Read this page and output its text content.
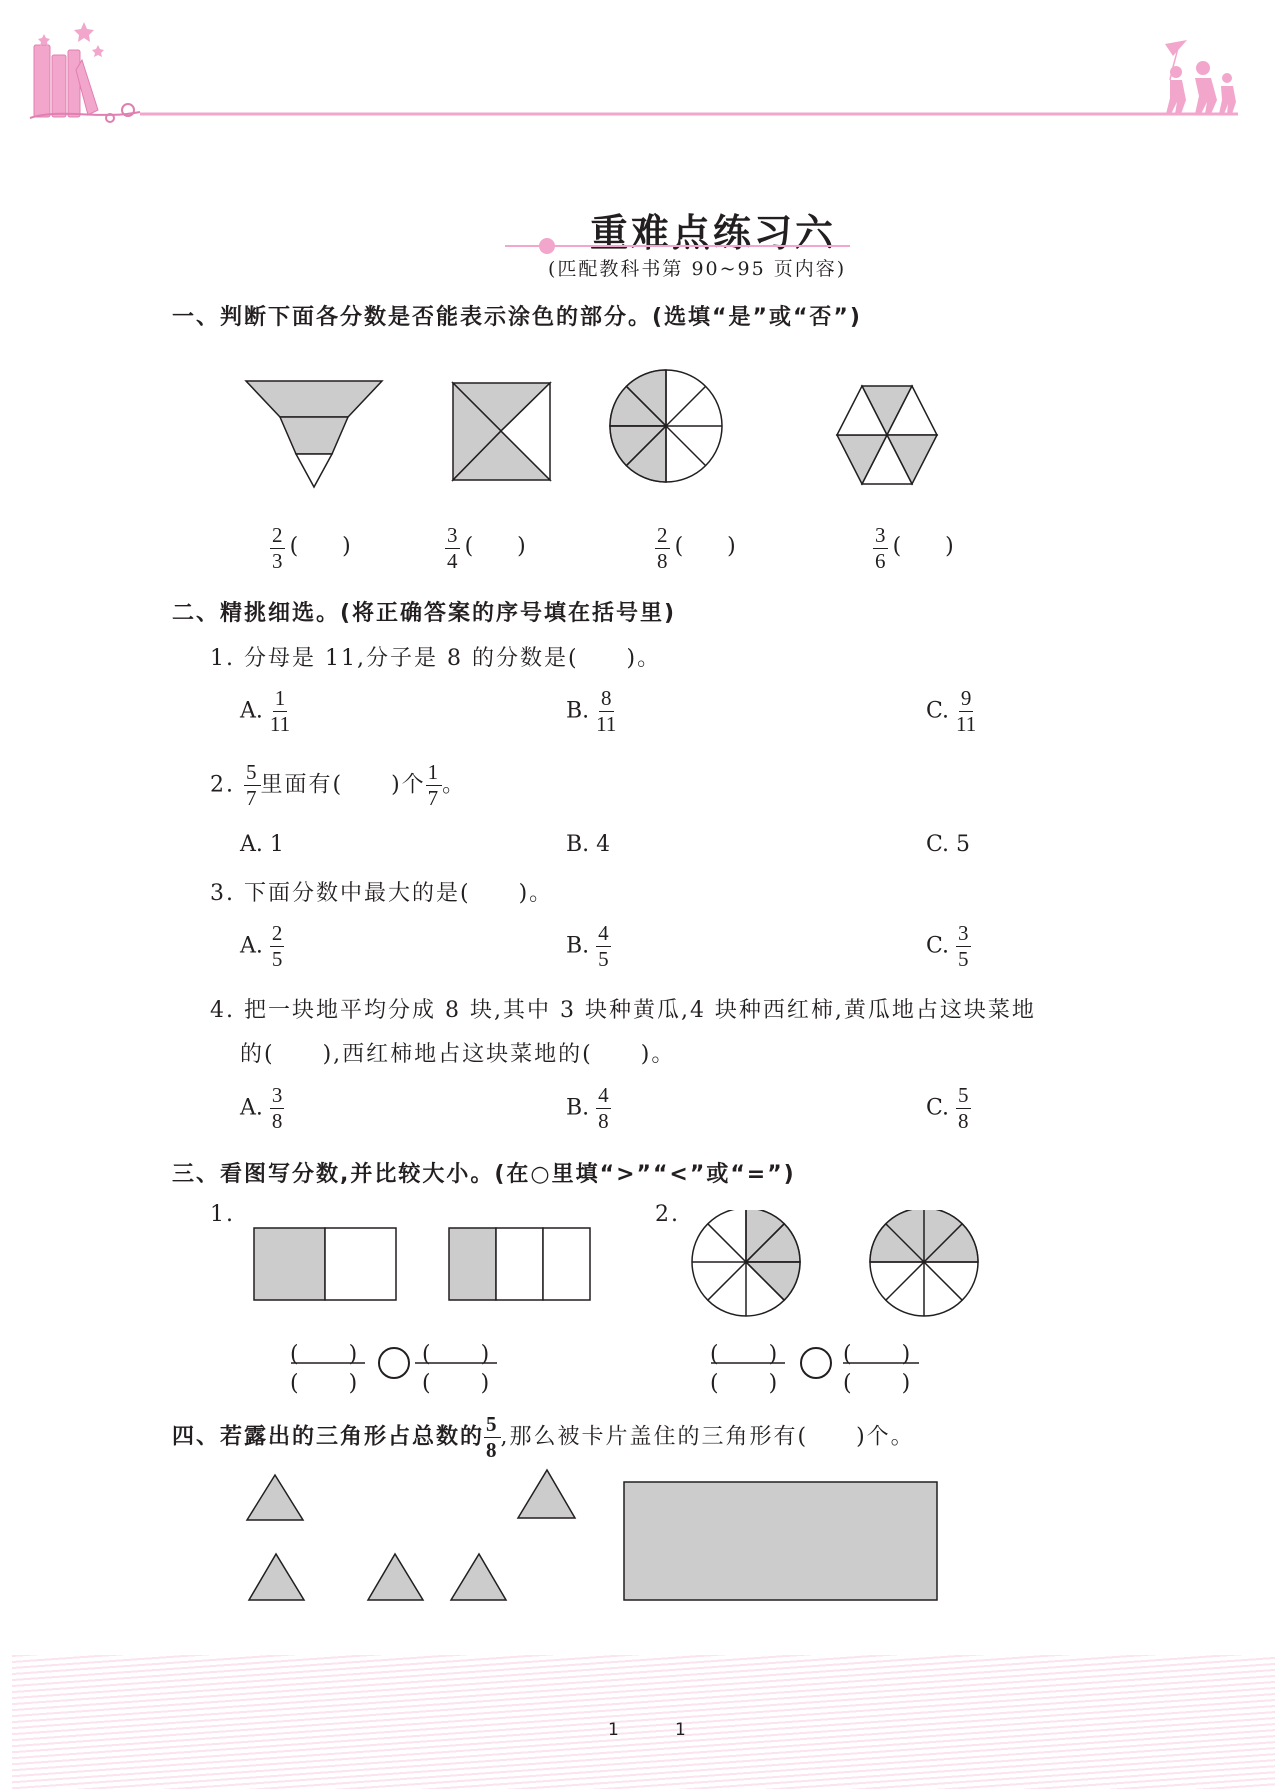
重难点练习六
(匹配教科书第 90~95 页内容)
一、判断下面各分数是否能表示涂色的部分。(选填“是”或“否”)
$\frac{2}{3}$ (　　)	$\frac{3}{4}$ (　　)	$\frac{2}{8}$ (　　)	$\frac{3}{6}$ (　　)
二、精挑细选。(将正确答案的序号填在括号里)
1. 分母是 11,分子是 8 的分数是(　　)。
A. $\frac{1}{11}$	B. $\frac{8}{11}$	C. $\frac{9}{11}$
2. $\frac{5}{7}$ 里面有(　　)个 $\frac{1}{7}$ 。
A. 1	B. 4	C. 5
3. 下面分数中最大的是(　　)。
A. $\frac{2}{5}$	B. $\frac{4}{5}$	C. $\frac{3}{5}$
4. 把一块地平均分成 8 块,其中 3 块种黄瓜,4 块种西红柿,黄瓜地占这块菜地
的(　　),西红柿地占这块菜地的(　　)。
A. $\frac{3}{8}$	B. $\frac{4}{8}$	C. $\frac{5}{8}$
三、看图写分数,并比较大小。(在○里填“>”“<”或“=”)
1.	2.
(　　 )
(　　 )
(　　 )
(　　 )
(　　 )
(　　 )
(　　 )
(　　 )
四、若露出的三角形占总数的 $\frac{5}{8}$ ,那么被卡片盖住的三角形有(　　)个。
1	1
